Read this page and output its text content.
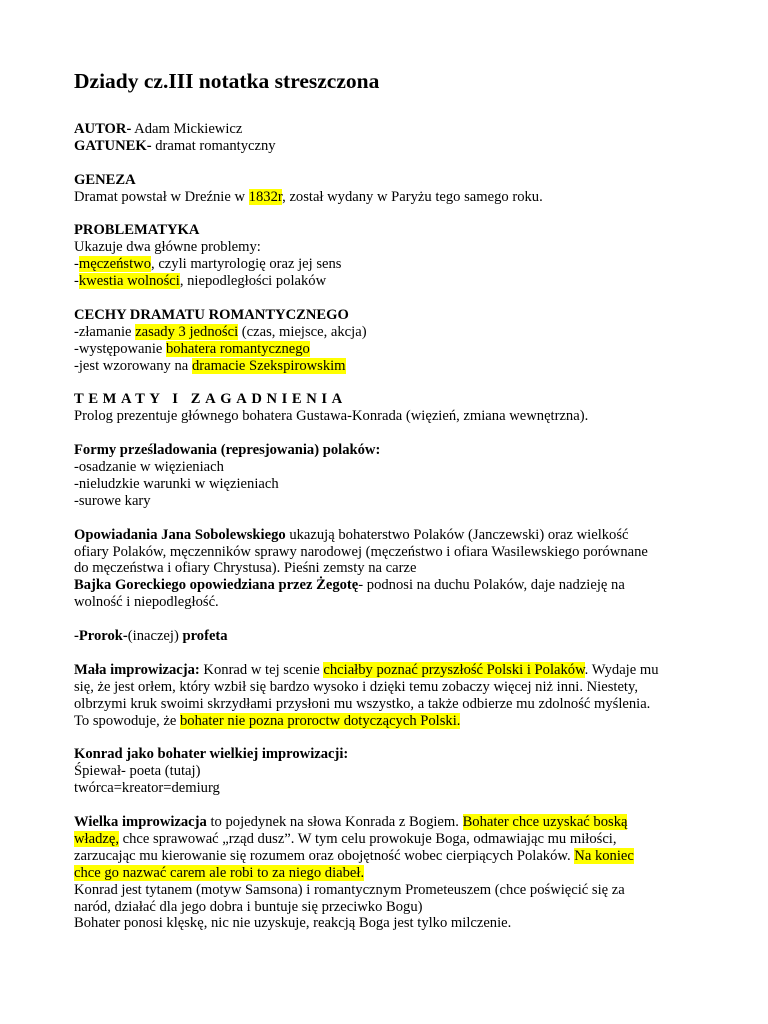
Dziady cz.III notatka streszczona

AUTOR- Adam Mickiewicz

GATUNEK- dramat romantyczny

GENEZA

Dramat powstał w Dreźnie w 1832r, został wydany w Paryżu tego samego roku.

PROBLEMATYKA

Ukazuje dwa główne problemy:

-męczeństwo, czyli martyrologię oraz jej sens

-kwestia wolności, niepodległości polaków

CECHY DRAMATU ROMANTYCZNEGO

-złamanie zasady 3 jedności (czas, miejsce, akcja)

-występowanie bohatera romantycznego

-jest wzorowany na dramacie Szekspirowskim

TEMATY I ZAGADNIENIA

Prolog prezentuje głównego bohatera Gustawa-Konrada (więzień, zmiana wewnętrzna).

Formy prześladowania (represjowania) polaków:

-osadzanie w więzieniach

-nieludzkie warunki w więzieniach

-surowe kary

Opowiadania Jana Sobolewskiego ukazują bohaterstwo Polaków (Janczewski) oraz wielkość

ofiary Polaków, męczenników sprawy narodowej (męczeństwo i ofiara Wasilewskiego porównane

do męczeństwa i ofiary Chrystusa). Pieśni zemsty na carze

Bajka Goreckiego opowiedziana przez Żegotę- podnosi na duchu Polaków, daje nadzieję na

wolność i niepodległość.

-Prorok-(inaczej) profeta

Mała improwizacja: Konrad w tej scenie chciałby poznać przyszłość Polski i Polaków. Wydaje mu

się, że jest orłem, który wzbił się bardzo wysoko i dzięki temu zobaczy więcej niż inni. Niestety,

olbrzymi kruk swoimi skrzydłami przysłoni mu wszystko, a także odbierze mu zdolność myślenia.

To spowoduje, że bohater nie pozna proroctw dotyczących Polski.

Konrad jako bohater wielkiej improwizacji:

Śpiewał- poeta (tutaj)

twórca=kreator=demiurg

Wielka improwizacja to pojedynek na słowa Konrada z Bogiem. Bohater chce uzyskać boską

władzę, chce sprawować „rząd dusz”. W tym celu prowokuje Boga, odmawiając mu miłości,

zarzucając mu kierowanie się rozumem oraz obojętność wobec cierpiących Polaków. Na koniec

chce go nazwać carem ale robi to za niego diabeł.

Konrad jest tytanem (motyw Samsona) i romantycznym Prometeuszem (chce poświęcić się za

naród, działać dla jego dobra i buntuje się przeciwko Bogu)

Bohater ponosi klęskę, nic nie uzyskuje, reakcją Boga jest tylko milczenie.
